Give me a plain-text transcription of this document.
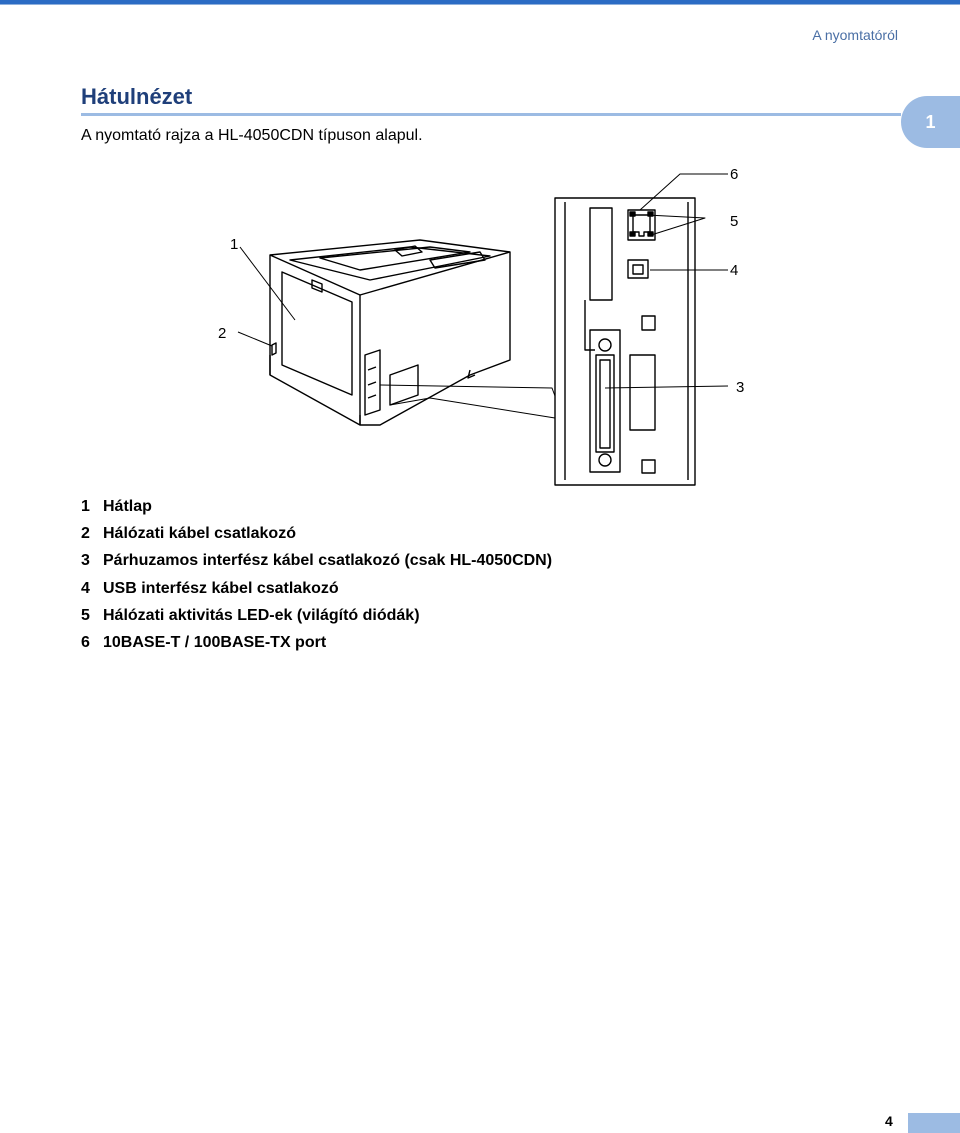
A nyomtatóról
Hátulnézet
1
A nyomtató rajza a HL-4050CDN típuson alapul.
6
5
1
4
2
3
1 Hátlap
2 Hálózati kábel csatlakozó
3 Párhuzamos interfész kábel csatlakozó (csak HL-4050CDN)
4 USB interfész kábel csatlakozó
5 Hálózati aktivitás LED-ek (világító diódák)
6 10BASE-T / 100BASE-TX port
4
